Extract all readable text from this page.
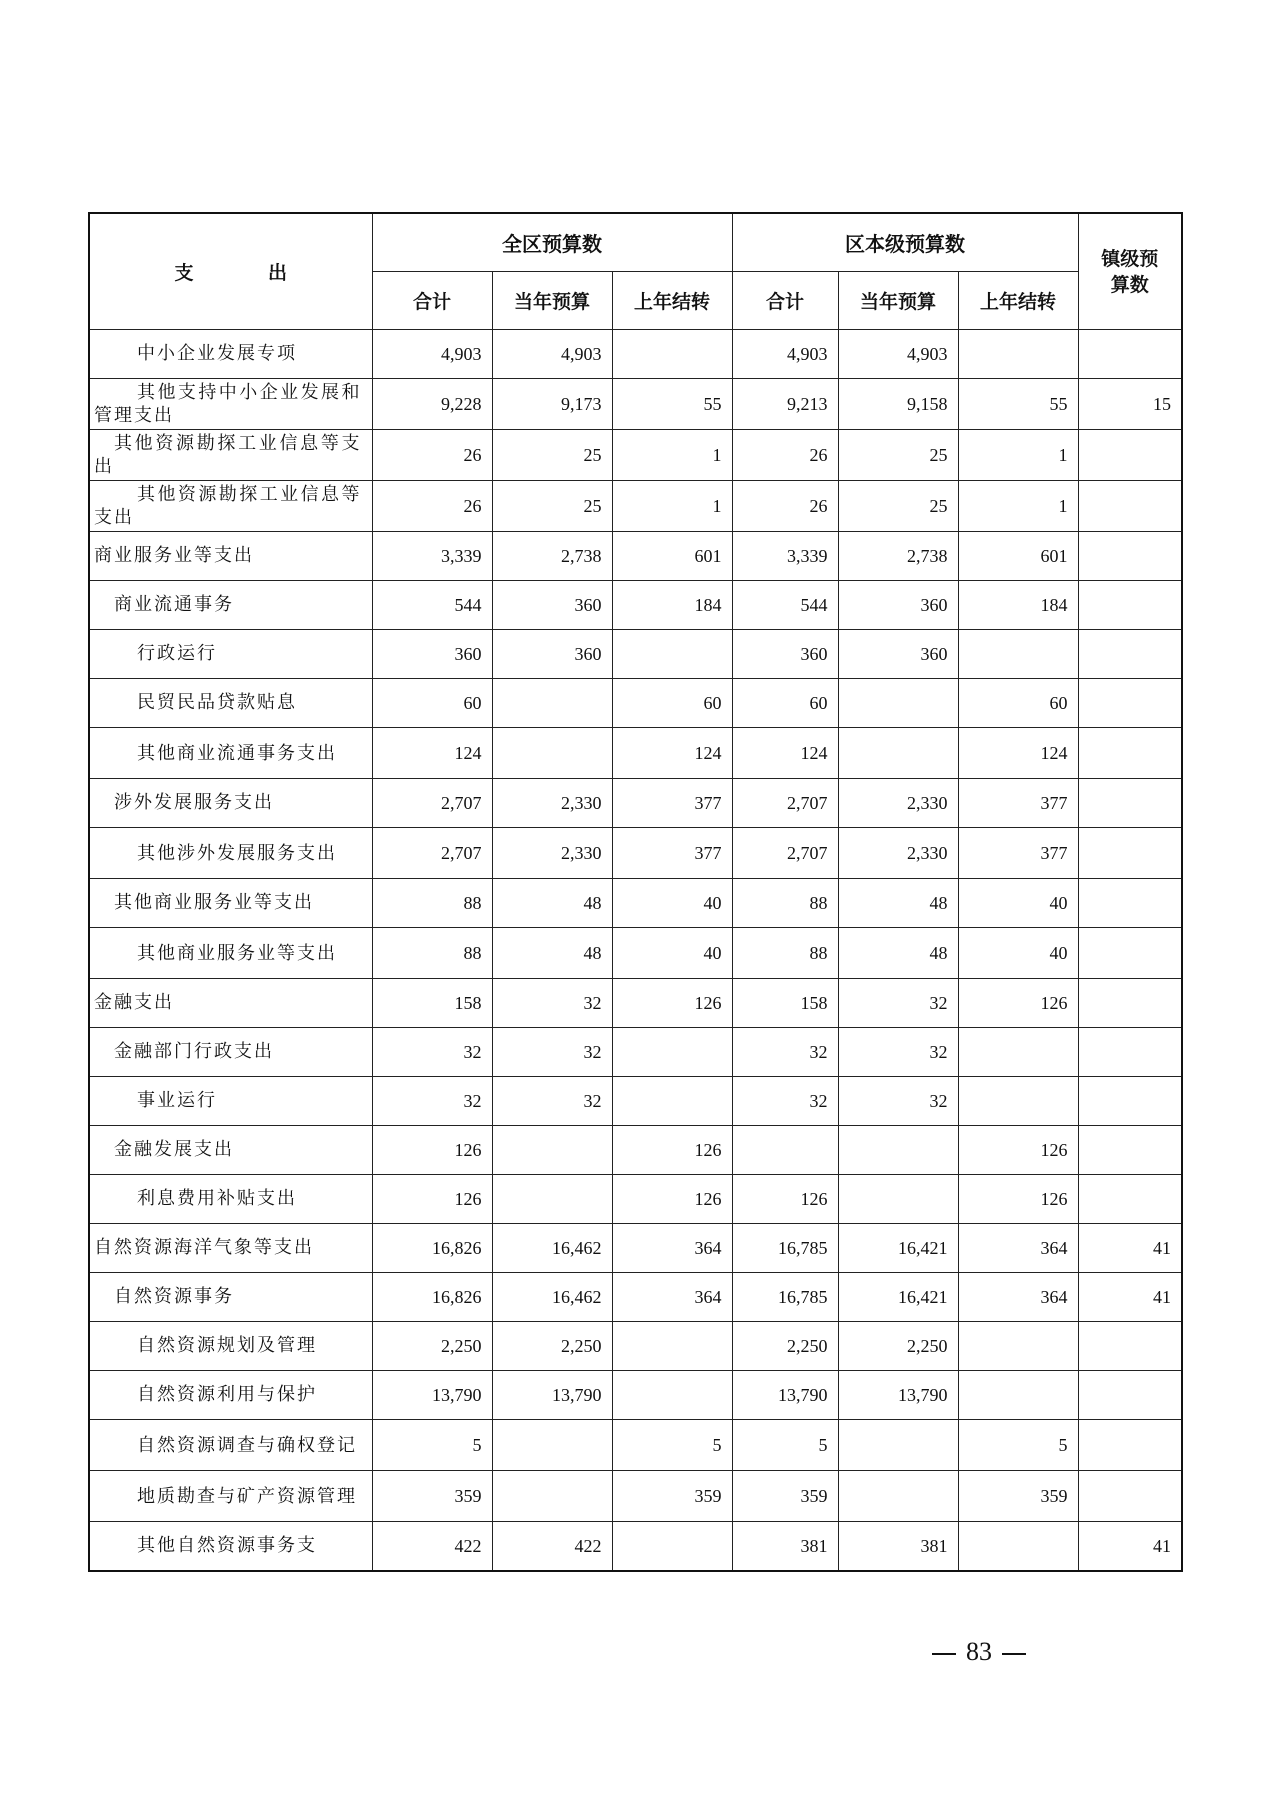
支 出	全区预算数			区本级预算数			镇级预算数

	合计	当年预算	上年结转	合计	当年预算	上年结转	

中小企业发展专项	4,903	4,903		4,903	4,903		

其他支持中小企业发展和管理支出	9,228	9,173	55	9,213	9,158	55	15

其他资源勘探工业信息等支出	26	25	1	26	25	1	

其他资源勘探工业信息等支出	26	25	1	26	25	1	

商业服务业等支出	3,339	2,738	601	3,339	2,738	601	

商业流通事务	544	360	184	544	360	184	

行政运行	360	360		360	360		

民贸民品贷款贴息	60		60	60		60	

其他商业流通事务支出	124		124	124		124	

涉外发展服务支出	2,707	2,330	377	2,707	2,330	377	

其他涉外发展服务支出	2,707	2,330	377	2,707	2,330	377	

其他商业服务业等支出	88	48	40	88	48	40	

其他商业服务业等支出	88	48	40	88	48	40	

金融支出	158	32	126	158	32	126	

金融部门行政支出	32	32		32	32		

事业运行	32	32		32	32		

金融发展支出	126		126			126	

利息费用补贴支出	126		126	126		126	

自然资源海洋气象等支出	16,826	16,462	364	16,785	16,421	364	41

自然资源事务	16,826	16,462	364	16,785	16,421	364	41

自然资源规划及管理	2,250	2,250		2,250	2,250		

自然资源利用与保护	13,790	13,790		13,790	13,790		

自然资源调查与确权登记	5		5	5		5	

地质勘查与矿产资源管理	359		359	359		359	

其他自然资源事务支	422	422		381	381		41
83
